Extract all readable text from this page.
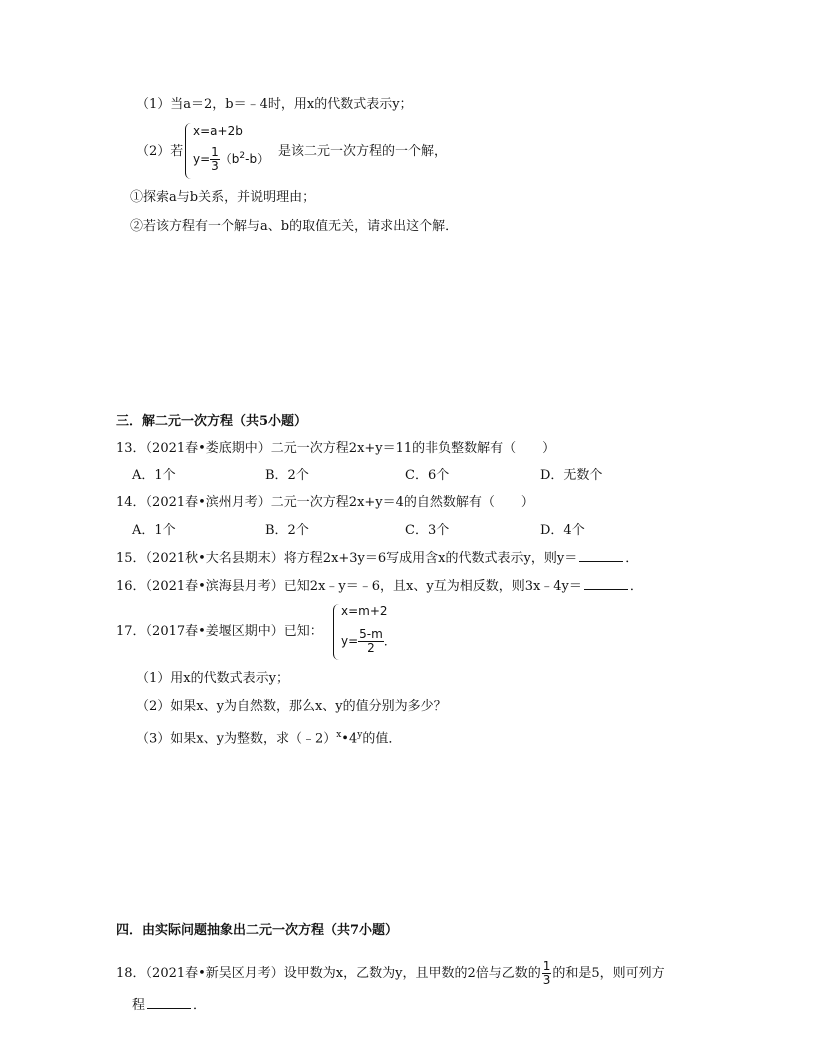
（1）当a＝2，b＝﹣4时，用x的代数式表示y；
（2）若
x=a+2b
$y= \frac{1}{3} (b^2-b)$ 是该二元一次方程的一个解，
①探索a与b关系，并说明理由；
②若该方程有一个解与a、b的取值无关，请求出这个解．
三．解二元一次方程（共5小题）
13．（2021春•娄底期中）二元一次方程2x+y＝11的非负整数解有（　　）
A．1个	B．2个	C．6个	D．无数个
14．（2021春•滨州月考）二元一次方程2x+y＝4的自然数解有（　　）
A．1个	B．2个	C．3个	D．4个
15．（2021秋•大名县期末）将方程2x+3y＝6写成用含x的代数式表示y，则y＝	．
16．（2021春•滨海县月考）已知2x﹣y＝﹣6，且x、y互为相反数，则3x﹣4y＝	．
17．（2017春•姜堰区期中）已知：
x=m+2
$y= \frac{5-m}{2}$ ．
（1）用x的代数式表示y；
（2）如果x、y为自然数，那么x、y的值分别为多少？
（3）如果x、y为整数，求（﹣2）$^x$•4$^y$的值．
四．由实际问题抽象出二元一次方程（共7小题）
18．（2021春•新吴区月考）设甲数为x，乙数为y，且甲数的2倍与乙数的 $\frac{1}{3}$ 的和是5，则可列方
程	．
